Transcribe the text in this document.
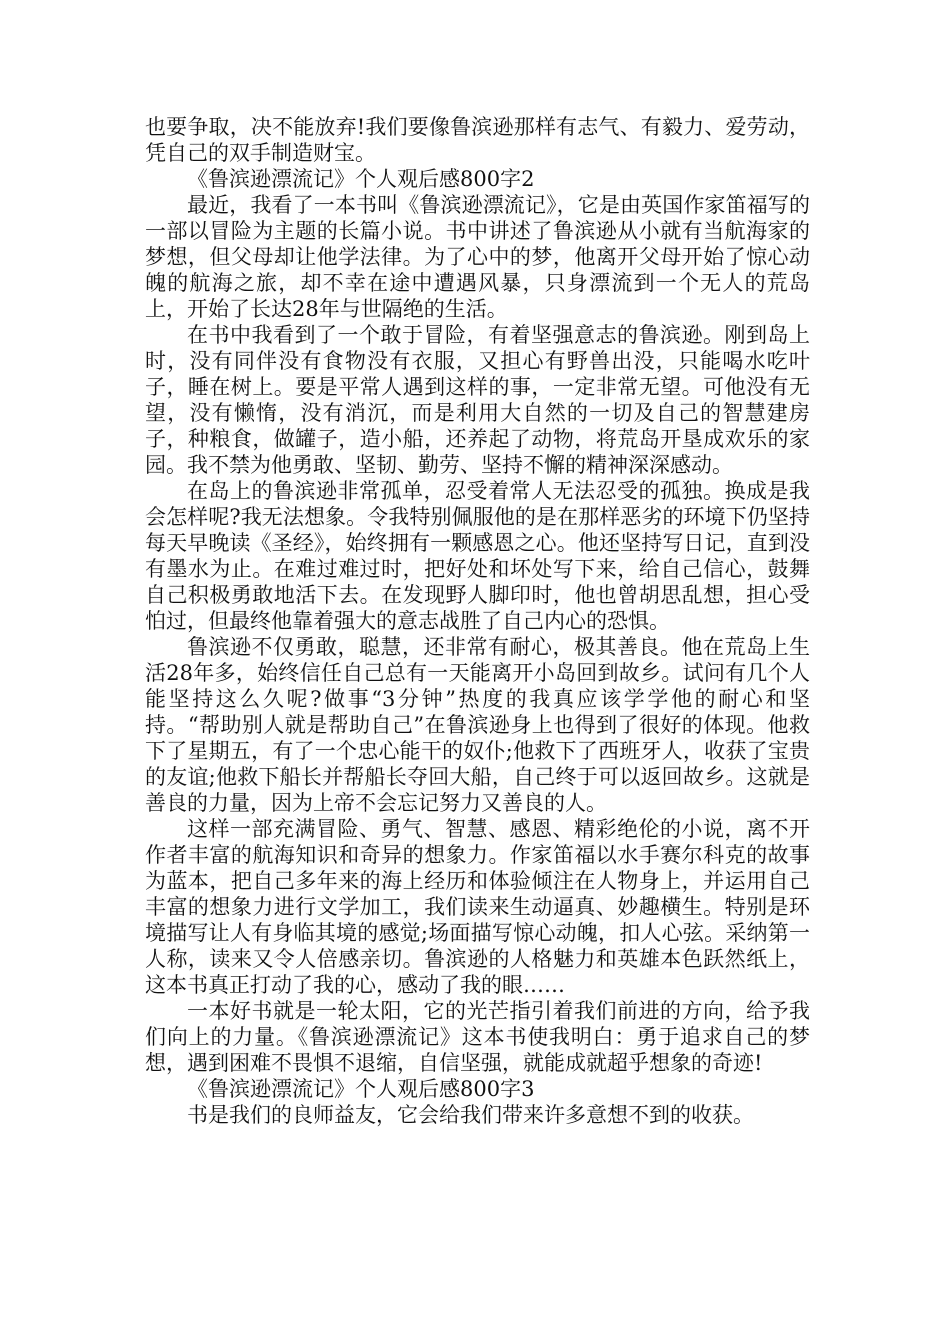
也要争取，决不能放弃!我们要像鲁滨逊那样有志气、有毅力、爱劳动，凭自己的双手制造财宝。

《鲁滨逊漂流记》个人观后感800字2

最近，我看了一本书叫《鲁滨逊漂流记》，它是由英国作家笛福写的一部以冒险为主题的长篇小说。书中讲述了鲁滨逊从小就有当航海家的梦想，但父母却让他学法律。为了心中的梦，他离开父母开始了惊心动魄的航海之旅，却不幸在途中遭遇风暴，只身漂流到一个无人的荒岛上，开始了长达28年与世隔绝的生活。

在书中我看到了一个敢于冒险，有着坚强意志的鲁滨逊。刚到岛上时，没有同伴没有食物没有衣服，又担心有野兽出没，只能喝水吃叶子，睡在树上。要是平常人遇到这样的事，一定非常无望。可他没有无望，没有懒惰，没有消沉，而是利用大自然的一切及自己的智慧建房子，种粮食，做罐子，造小船，还养起了动物，将荒岛开垦成欢乐的家园。我不禁为他勇敢、坚韧、勤劳、坚持不懈的精神深深感动。

在岛上的鲁滨逊非常孤单，忍受着常人无法忍受的孤独。换成是我会怎样呢?我无法想象。令我特别佩服他的是在那样恶劣的环境下仍坚持每天早晚读《圣经》，始终拥有一颗感恩之心。他还坚持写日记，直到没有墨水为止。在难过难过时，把好处和坏处写下来，给自己信心，鼓舞自己积极勇敢地活下去。在发现野人脚印时，他也曾胡思乱想，担心受怕过，但最终他靠着强大的意志战胜了自己内心的恐惧。

鲁滨逊不仅勇敢，聪慧，还非常有耐心，极其善良。他在荒岛上生活28年多，始终信任自己总有一天能离开小岛回到故乡。试问有几个人能坚持这么久呢?做事“3分钟”热度的我真应该学学他的耐心和坚持。“帮助别人就是帮助自己”在鲁滨逊身上也得到了很好的体现。他救下了星期五，有了一个忠心能干的奴仆;他救下了西班牙人，收获了宝贵的友谊;他救下船长并帮船长夺回大船，自己终于可以返回故乡。这就是善良的力量，因为上帝不会忘记努力又善良的人。

这样一部充满冒险、勇气、智慧、感恩、精彩绝伦的小说，离不开作者丰富的航海知识和奇异的想象力。作家笛福以水手赛尔科克的故事为蓝本，把自己多年来的海上经历和体验倾注在人物身上，并运用自己丰富的想象力进行文学加工，我们读来生动逼真、妙趣横生。特别是环境描写让人有身临其境的感觉;场面描写惊心动魄，扣人心弦。采纳第一人称，读来又令人倍感亲切。鲁滨逊的人格魅力和英雄本色跃然纸上，这本书真正打动了我的心，感动了我的眼……

一本好书就是一轮太阳，它的光芒指引着我们前进的方向，给予我们向上的力量。《鲁滨逊漂流记》这本书使我明白：勇于追求自己的梦想，遇到困难不畏惧不退缩，自信坚强，就能成就超乎想象的奇迹!

《鲁滨逊漂流记》个人观后感800字3

书是我们的良师益友，它会给我们带来许多意想不到的收获。
